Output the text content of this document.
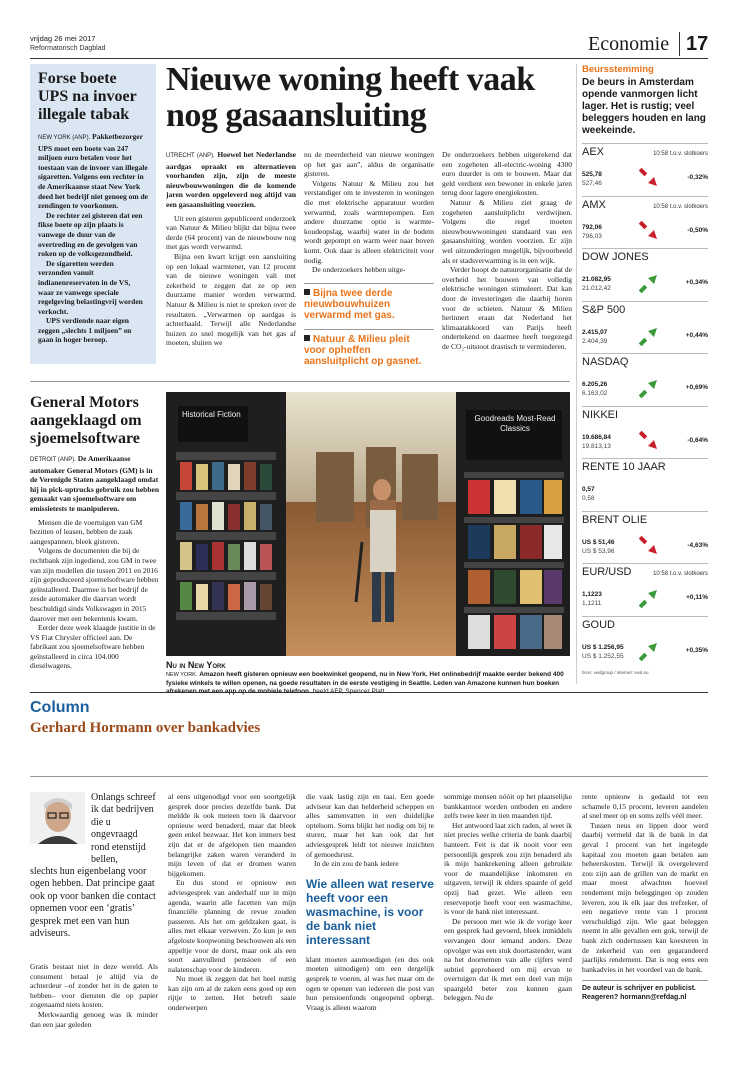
vrijdag 26 mei 2017
Reformatorisch Dagblad	Economie 17
Forse boete UPS na invoer illegale tabak

NEW YORK (ANP). Pakketbezorger UPS moet een boete van 247 miljoen euro betalen voor het toestaan van de invoer van illegale sigaretten. Volgens een rechter in de Amerikaanse staat New York deed het bedrijf niet genoeg om de zendingen te voorkomen.

De rechter zei gisteren dat een fikse boete op zijn plaats is vanwege de duur van de overtreding en de gevolgen van roken op de volksgezondheid.

De sigaretten werden verzonden vanuit indianenreservaten in de VS, waar ze vanwege speciale regelgeving belastingvrij worden verkocht.

UPS verdiende naar eigen zeggen „slechts 1 miljoen” en gaan in hoger beroep.

Nieuwe woning heeft vaak nog gasaansluiting

UTRECHT (ANP). Hoewel het Nederlandse aardgas opraakt en alternatieven voorhanden zijn, zijn de meeste nieuwbouwwoningen die de komende jaren worden opgeleverd nog altijd van een gasaansluiting voorzien.

Uit een gisteren gepubliceerd onderzoek van Natuur & Milieu blijkt dat bijna twee derde (64 procent) van de nieuwbouw nog met gas wordt verwarmd.

Bijna een kwart krijgt een aansluiting op een lokaal warmtenet, van 12 procent van de nieuwe woningen valt met zekerheid te zeggen dat ze op een duurzame manier worden verwarmd. Natuur & Milieu is niet te spreken over de resultaten. „Verwarmen op aardgas is achterhaald. Terwijl alle Nederlandse huizen zo snel mogelijk van het gas af moeten, sluiten we

nu de meerderheid van nieuwe woningen op het gas aan”, aldus de organisatie gisteren.

Volgens Natuur & Milieu zou het verstandiger om te investeren in woningen die met elektrische apparatuur worden verwarmd, zoals warmtepompen. Een andere duurzame optie is warmte-koudeopslag, waarbij water in de bodem wordt gepompt en warm weer naar boven komt. Ook daar is alleen elektriciteit voor nodig.

De onderzoekers hebben uitge-

Bijna twee derde nieuwbouwhuizen verwarmd met gas.
Natuur & Milieu pleit voor opheffen aansluitplicht op gasnet.

De onderzoekers hebben uitgerekend dat een zogeheten all-electric-woning 4300 euro duurder is om te bouwen. Maar dat geld verdient een bewoner in enkele jaren terug door lagere energiekosten.

Natuur & Milieu ziet graag de zogeheten aansluitplicht verdwijnen. Volgens die regel moeten nieuwbouwwoningen standaard van een gasaansluiting worden voorzien. Er zijn wel uitzonderingen mogelijk, bijvoorbeeld als er stadsverwarming is in een wijk.

Verder hoopt de natuurorganisatie dat de overheid het bouwen van volledig elektrische woningen stimuleert. Dat kan door de investeringen die daarbij horen voor de schieten. Natuur & Milieu herinnert eraan dat Nederland het klimaatakkoord van Parijs heeft ondertekend en daarmee heeft toegezegd de CO₂-uitstoot drastisch te verminderen.

General Motors aangeklaagd om sjoemelsoftware

DETROIT (ANP). De Amerikaanse automaker General Motors (GM) is in de Verenigde Staten aangeklaagd omdat hij in pick-uptrucks gebruik zou hebben gemaakt van sjoemelsoftware om emissietests te manipuleren.

Mensen die de voertuigen van GM bezitten of leasen, hebben de zaak aangespannen, bleek gisteren.

Volgens de documenten die bij de rechtbank zijn ingediend, zou GM in twee van zijn modellen die tussen 2011 en 2016 zijn geproduceerd sjoemelsoftware hebben geïnstalleerd. Daarmee is het bedrijf de zesde automaker die daarvan wordt beschuldigd sinds Volkswagen in 2015 daarover met een bekentenis kwam.

Eerder deze week klaagde justitie in de VS Fiat Chrysler officieel aan. De fabrikant zou sjoemelsoftware hebben geïnstalleerd in circa 104.000 dieselwagens.

Historical Fiction	Goodreads Most-Read Classics
Nu in New York
NEW YORK. Amazon heeft gisteren opnieuw een boekwinkel geopend, nu in New York. Het onlinebedrijf maakte eerder bekend 400 fysieke winkels te willen openen, na goede resultaten in de eerste vestiging in Seattle. Leden van Amazone kunnen hun boeken
Beursstemming
De beurs in Amsterdam opende vanmorgen licht lager. Het is rustig; veel beleggers houden en lang weekeinde.
AEX	10:58 t.o.v. slotkoers
525,78
527,46
-0,32%
AMX	10:58 t.o.v. slotkoers
792,06
796,03
-0,50%
DOW JONES
21.082,95
21.012,42
+0,34%
S&P 500
2.415,07
2.404,39
+0,44%
NASDAQ
6.205,26
6.163,02
+0,69%
NIKKEI
19.686,84
19.813,13
-0,64%
RENTE 10 JAAR
0,57
0,58
BRENT OLIE
US $ 51,46
US $ 53,96
-4,63%
EUR/USD	10:58 t.o.v. slotkoers
1,1223
1,1211
+0,11%
GOUD
US $ 1.256,95
US $ 1.252,55
+0,35%
bron: vwdgroup / internet: vwd.eu
Column
Gerhard Hormann over bankadvies

Onlangs schreef ik dat bedrijven die u ongevraagd rond etenstijd bellen,

slechts hun eigenbelang voor ogen hebben. Dat principe gaat ook op voor banken die contact opnemen voor een ‘gratis’ gesprek met een van hun adviseurs.

Gratis bestaat niet in deze wereld. Als consument betaal je altijd via de achterdeur –of zonder het in de gaten te hebben– voor diensten die op papier zogenaamd niets kosten.

Merkwaardig genoeg was ik minder dan een jaar geleden

al eens uitgenodigd voor een soortgelijk gesprek door precies dezelfde bank. Dat meldde ik ook meteen toen ik daarvoor opnieuw werd benaderd, maar dat bleek geen enkel bezwaar. Het kon immers best zijn dat er de afgelopen tien maanden belangrijke zaken waren veranderd in mijn leven of dat er dromen waren bijgekomen.

En dus stond er opnieuw een adviesgesprek van anderhalf uur in mijn agenda, waarin alle facetten van mijn financiële planning de revue zouden passeren. Als het om geldzaken gaat, is alles met elkaar verweven. Zo kun je een afgeloste koopwoning beschouwen als een appeltje voor de dorst, maar ook als een soort aanvullend pensioen of een nalatenschap voor de kinderen.

Nu moet ik zeggen dat het heel nuttig kan zijn om al de zaken eens goed op een rijtje te zetten. Het betreft saaie onderwerpen

die vaak lastig zijn en taai. Een goede adviseur kan dan helderheid scheppen en alles samenvatten in een duidelijke optelsom. Soms blijkt het nodig om bij te sturen, maar het kan ook dat het adviesgesprek leidt tot nieuwe inzichten of gemoedsrust.

In de zin zou de bank iedere

Wie alleen wat reserve heeft voor een wasmachine, is voor de bank niet interessant

klant moeten aanmoedigen (en dus ook moeten uitnodigen) om een dergelijk gesprek te voeren, al was het maar om de ogen te openen van iedereen die post van hun pensioenfonds ongeopend opbergt. Vraag is alleen waarom

sommige mensen nóóit op het plaatselijke bankkantoor worden ontboden en andere zelfs twee keer in tien maanden tijd.

Het antwoord laat zich raden, al weet ik niet precies welke criteria de bank daarbij hanteert. Feit is dat ik nooit voor een persoonlijk gesprek zou zijn benaderd als ik mijn bankrekening alleen gebruikte voor de maandelijkse inkomsten en uitgaven, terwijl ik elders spaarde of geld opzij had gezet. Wie alleen een reservepotje heeft voor een wasmachine, is voor de bank niet interessant.

De persoon met wie ik de vorige keer een gesprek had gevoerd, bleek inmiddels vervangen door iemand anders. Deze opvolger was een stuk doortastender, want na het doornemen van alle cijfers werd subtiel geprobeerd om mij ervan te overtuigen dat ik met een deel van mijn spaargeld beter zou kunnen gaan beleggen. Nu de

rente opnieuw is gedaald tot een schamele 0,15 procent, leveren aandelen al snel meer op en soms zelfs véél meer.

Tussen neus en lippen door werd daarbij vermeld dat ik de bank in dat geval 1 procent van het ingelegde kapitaal zou moeten gaan betalen aan beheerskosten. Terwijl ik overgeleverd zou zijn aan de grillen van de markt en maar moest afwachten hoeveel rendement mijn beleggingen op zouden leveren, zou ik elk jaar dus trefzeker, of een negatieve rente van 1 procent verschuldigd zijn. Wie gaat beleggen neemt in alle gevallen een gok, terwijl de bank zich ondertussen kan koesteren in de zekerheid van een gegarandeerd jaarlijks rendement. Dat is nog eens een bankadvies in het voordeel van de bank.

De auteur is schrijver en publicist. Reageren? hormann@refdag.nl
